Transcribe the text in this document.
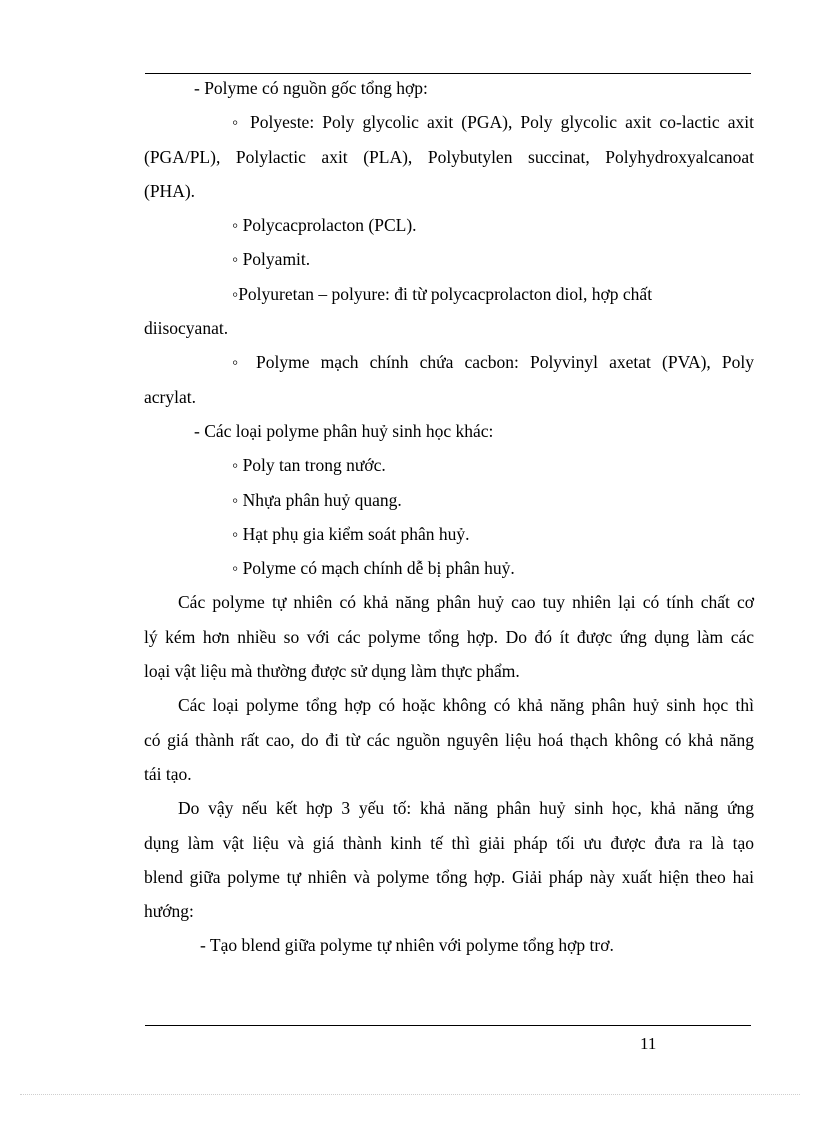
- Polyme có nguồn gốc tổng hợp:
◦ Polyeste: Poly glycolic axit (PGA), Poly glycolic axit co-lactic axit
(PGA/PL), Polylactic axit (PLA), Polybutylen succinat, Polyhydroxyalcanoat
(PHA).
◦ Polycacprolacton (PCL).
◦ Polyamit.
◦Polyuretan – polyure: đi từ polycacprolacton diol, hợp chất
diisocyanat.
◦ Polyme mạch chính chứa cacbon: Polyvinyl axetat (PVA), Poly
acrylat.
- Các loại polyme phân huỷ sinh học khác:
◦ Poly tan trong nước.
◦ Nhựa phân huỷ quang.
◦ Hạt phụ gia kiểm soát phân huỷ.
◦ Polyme có mạch chính dễ bị phân huỷ.
Các polyme tự nhiên có khả năng phân huỷ cao tuy nhiên lại có tính chất cơ
lý kém hơn nhiều so với các polyme tổng hợp. Do đó ít được ứng dụng làm các
loại vật liệu mà thường được sử dụng làm thực phẩm.
Các loại polyme tổng hợp có hoặc không có khả năng phân huỷ sinh học thì
có giá thành rất cao, do đi từ các nguồn nguyên liệu hoá thạch không có khả năng
tái tạo.
Do vậy nếu kết hợp 3 yếu tố: khả năng phân huỷ sinh học, khả năng ứng
dụng làm vật liệu và giá thành kinh tế thì giải pháp tối ưu được đưa ra là tạo
blend giữa polyme tự nhiên và polyme tổng hợp. Giải pháp này xuất hiện theo hai
hướng:
- Tạo blend giữa polyme tự nhiên với polyme tổng hợp trơ.
11
